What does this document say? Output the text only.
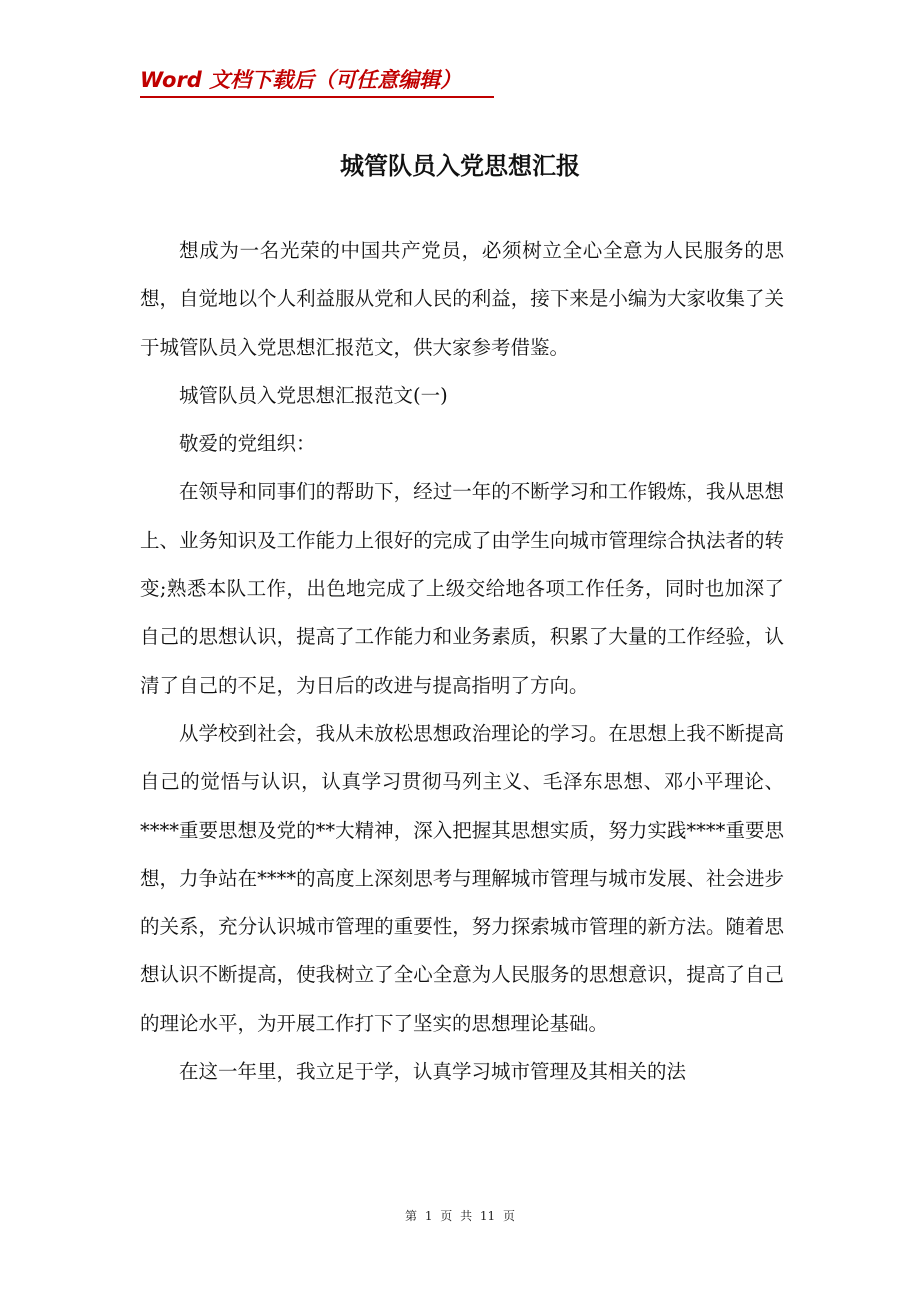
Word 文档下载后（可任意编辑）
城管队员入党思想汇报

想成为一名光荣的中国共产党员，必须树立全心全意为人民服务的思想，自觉地以个人利益服从党和人民的利益，接下来是小编为大家收集了关于城管队员入党思想汇报范文，供大家参考借鉴。

城管队员入党思想汇报范文(一)

敬爱的党组织：

在领导和同事们的帮助下，经过一年的不断学习和工作锻炼，我从思想上、业务知识及工作能力上很好的完成了由学生向城市管理综合执法者的转变;熟悉本队工作，出色地完成了上级交给地各项工作任务，同时也加深了自己的思想认识，提高了工作能力和业务素质，积累了大量的工作经验，认清了自己的不足，为日后的改进与提高指明了方向。

从学校到社会，我从未放松思想政治理论的学习。在思想上我不断提高自己的觉悟与认识，认真学习贯彻马列主义、毛泽东思想、邓小平理论、****重要思想及党的**大精神，深入把握其思想实质，努力实践****重要思想，力争站在****的高度上深刻思考与理解城市管理与城市发展、社会进步的关系，充分认识城市管理的重要性，努力探索城市管理的新方法。随着思想认识不断提高，使我树立了全心全意为人民服务的思想意识，提高了自己的理论水平，为开展工作打下了坚实的思想理论基础。

在这一年里，我立足于学，认真学习城市管理及其相关的法

第 1 页 共 11 页
